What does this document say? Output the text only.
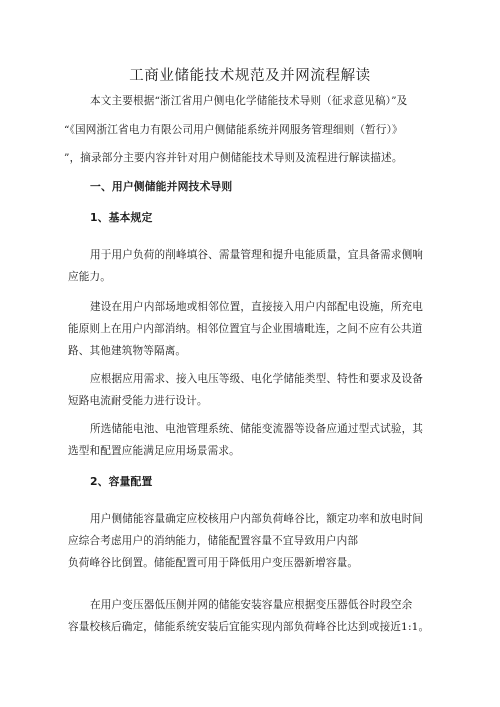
工商业储能技术规范及并网流程解读
本文主要根据“浙江省用户侧电化学储能技术导则（征求意见稿）”及
“《国网浙江省电力有限公司用户侧储能系统并网服务管理细则（暂行）》
”，摘录部分主要内容并针对用户侧储能技术导则及流程进行解读描述。
一、用户侧储能并网技术导则
1、基本规定
用于用户负荷的削峰填谷、需量管理和提升电能质量，宜具备需求侧响
应能力。
建设在用户内部场地或相邻位置，直接接入用户内部配电设施，所充电
能原则上在用户内部消纳。相邻位置宜与企业围墙毗连，之间不应有公共道
路、其他建筑物等隔离。
应根据应用需求、接入电压等级、电化学储能类型、特性和要求及设备
短路电流耐受能力进行设计。
所选储能电池、电池管理系统、储能变流器等设备应通过型式试验，其
选型和配置应能满足应用场景需求。
2、容量配置
用户侧储能容量确定应校核用户内部负荷峰谷比，额定功率和放电时间
应综合考虑用户的消纳能力，储能配置容量不宜导致用户内部
负荷峰谷比倒置。储能配置可用于降低用户变压器新增容量。
在用户变压器低压侧并网的储能安装容量应根据变压器低谷时段空余
容量校核后确定，储能系统安装后宜能实现内部负荷峰谷比达到或接近1:1。
